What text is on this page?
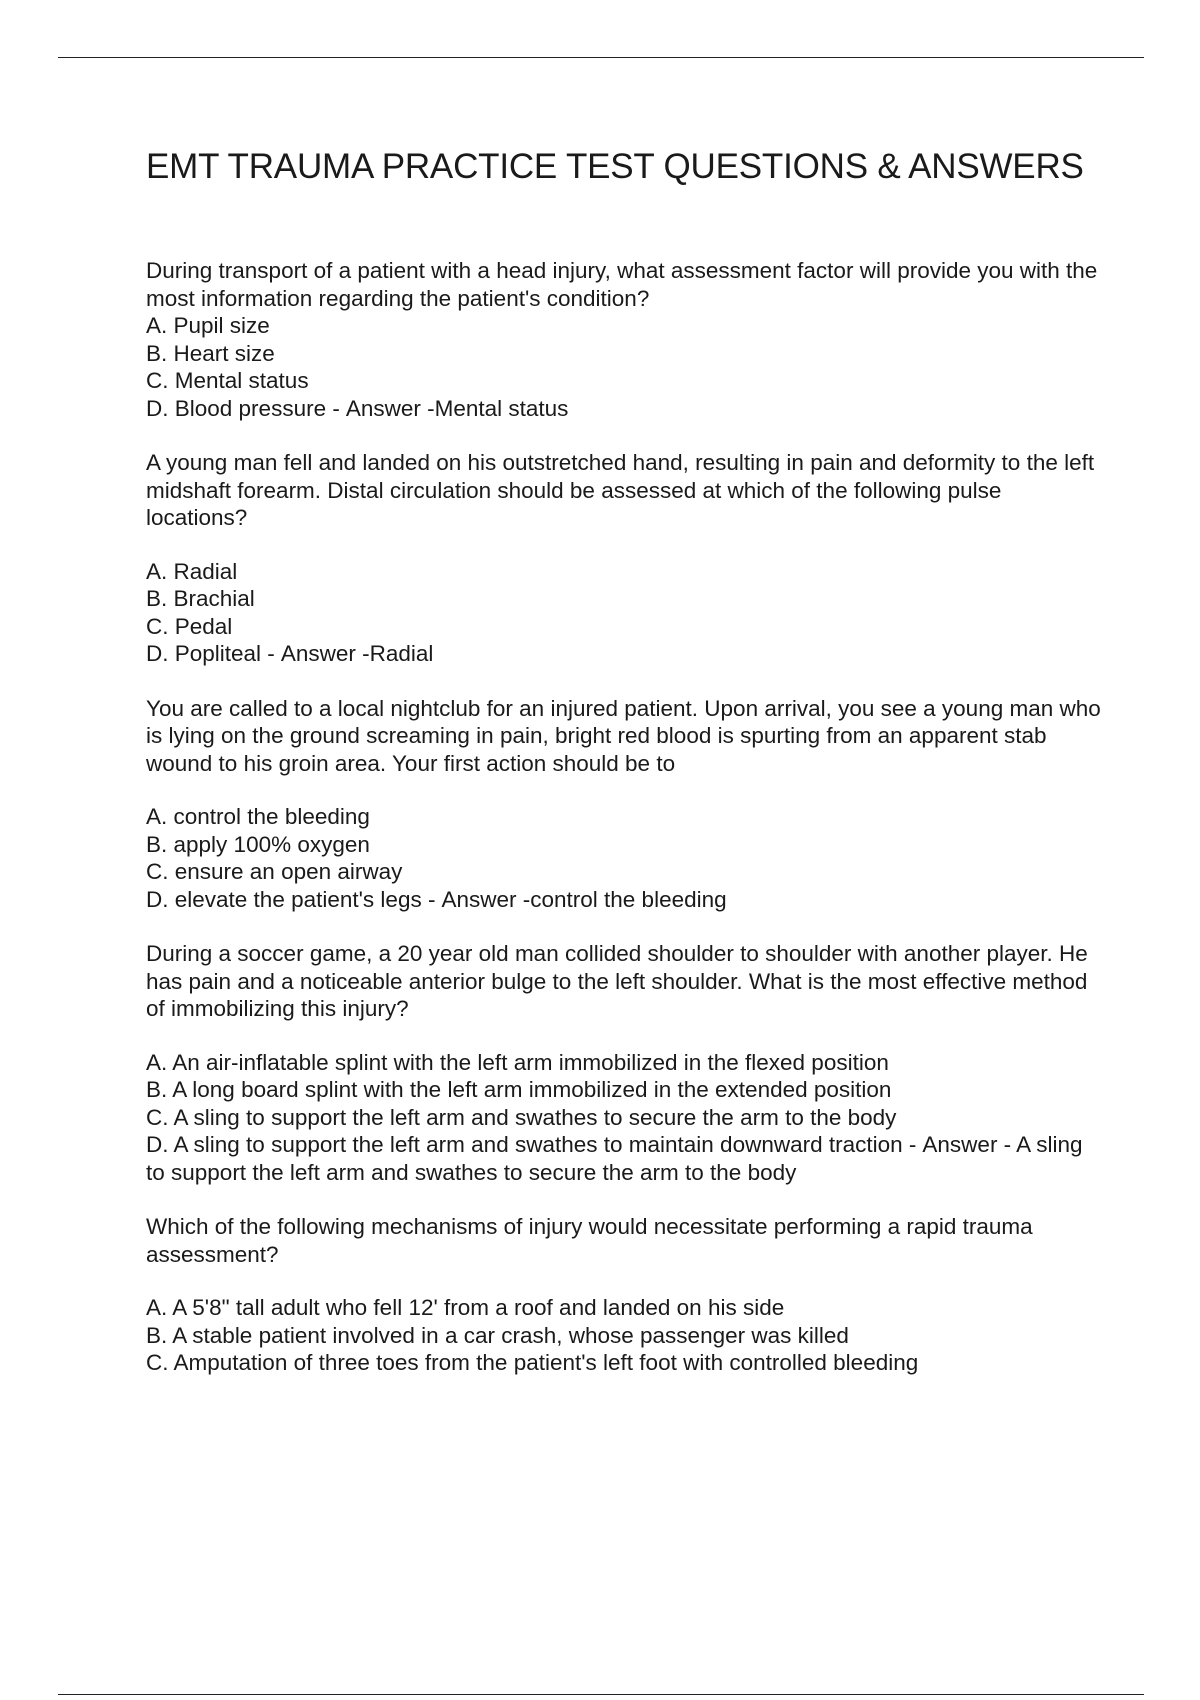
EMT TRAUMA PRACTICE TEST QUESTIONS & ANSWERS

During transport of a patient with a head injury, what assessment factor will provide you with the most information regarding the patient's condition?

A. Pupil size

B. Heart size

C. Mental status

D. Blood pressure - Answer -Mental status

A young man fell and landed on his outstretched hand, resulting in pain and deformity to the left midshaft forearm. Distal circulation should be assessed at which of the following pulse locations?

A. Radial

B. Brachial

C. Pedal

D. Popliteal - Answer -Radial

You are called to a local nightclub for an injured patient. Upon arrival, you see a young man who is lying on the ground screaming in pain, bright red blood is spurting from an apparent stab wound to his groin area. Your first action should be to

A. control the bleeding

B. apply 100% oxygen

C. ensure an open airway

D. elevate the patient's legs - Answer -control the bleeding

During a soccer game, a 20 year old man collided shoulder to shoulder with another player. He has pain and a noticeable anterior bulge to the left shoulder. What is the most effective method of immobilizing this injury?

A. An air-inflatable splint with the left arm immobilized in the flexed position

B. A long board splint with the left arm immobilized in the extended position

C. A sling to support the left arm and swathes to secure the arm to the body

D. A sling to support the left arm and swathes to maintain downward traction - Answer - A sling to support the left arm and swathes to secure the arm to the body

Which of the following mechanisms of injury would necessitate performing a rapid trauma assessment?

A. A 5'8" tall adult who fell 12' from a roof and landed on his side

B. A stable patient involved in a car crash, whose passenger was killed

C. Amputation of three toes from the patient's left foot with controlled bleeding
